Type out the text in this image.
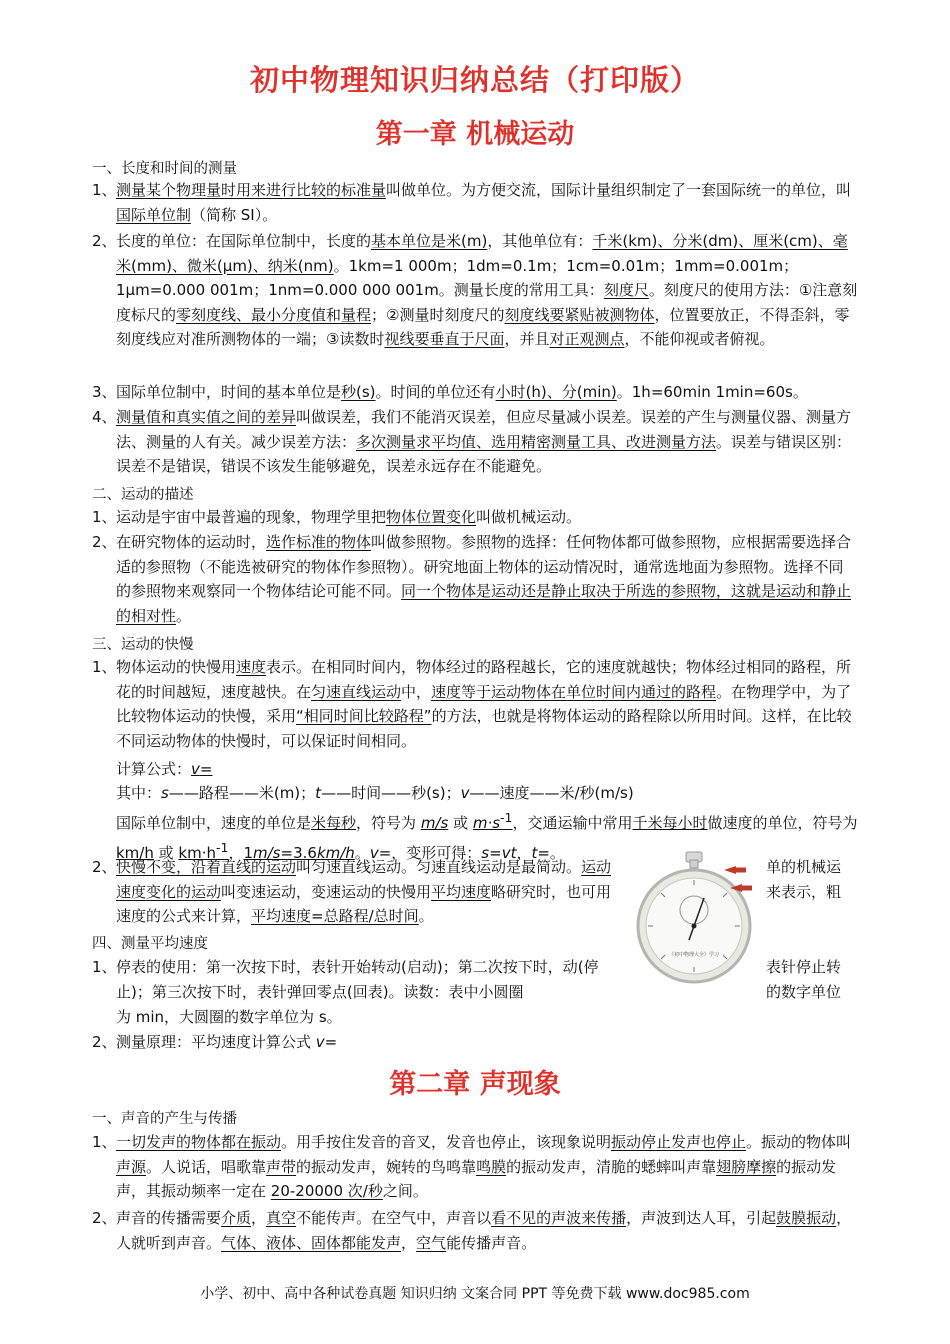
初中物理知识归纳总结（打印版）
第一章 机械运动

一、长度和时间的测量

1、 测量某个物理量时用来进行比较的标准量叫做单位。为方便交流，国际计量组织制定了一套国际统一的单位，叫国际单位制（简称 SI）。
2、 长度的单位：在国际单位制中，长度的基本单位是米(m)，其他单位有：千米(km)、分米(dm)、厘米(cm)、毫米(mm)、微米(μm)、纳米(nm)。1km=1 000m；1dm=0.1m；1cm=0.01m；1mm=0.001m；1μm=0.000 001m；1nm=0.000 000 001m。测量长度的常用工具：刻度尺。刻度尺的使用方法：①注意刻度标尺的零刻度线、最小分度值和量程；②测量时刻度尺的刻度线要紧贴被测物体，位置要放正，不得歪斜，零刻度线应对准所测物体的一端；③读数时视线要垂直于尺面，并且对正观测点，不能仰视或者俯视。
3、 国际单位制中，时间的基本单位是秒(s)。时间的单位还有小时(h)、分(min)。1h=60min 1min=60s。
4、 测量值和真实值之间的差异叫做误差，我们不能消灭误差，但应尽量减小误差。误差的产生与测量仪器、测量方法、测量的人有关。减少误差方法：多次测量求平均值、选用精密测量工具、改进测量方法。误差与错误区别：误差不是错误，错误不该发生能够避免，误差永远存在不能避免。

二、运动的描述

1、 运动是宇宙中最普遍的现象，物理学里把物体位置变化叫做机械运动。
2、 在研究物体的运动时，选作标准的物体叫做参照物。参照物的选择：任何物体都可做参照物，应根据需要选择合适的参照物（不能选被研究的物体作参照物）。研究地面上物体的运动情况时，通常选地面为参照物。选择不同的参照物来观察同一个物体结论可能不同。同一个物体是运动还是静止取决于所选的参照物，这就是运动和静止的相对性。

三、运动的快慢

1、 物体运动的快慢用速度表示。在相同时间内，物体经过的路程越长，它的速度就越快；物体经过相同的路程，所花的时间越短，速度越快。在匀速直线运动中，速度等于运动物体在单位时间内通过的路程。在物理学中，为了比较物体运动的快慢，采用“相同时间比较路程”的方法，也就是将物体运动的路程除以所用时间。这样，在比较不同运动物体的快慢时，可以保证时间相同。

计算公式：v=

其中：s——路程——米(m)；t——时间——秒(s)；v——速度——米/秒(m/s)

国际单位制中，速度的单位是米每秒，符号为 m/s 或 $m\cdot s^{-1}$，交通运输中常用千米每小时做速度的单位，符号为 km/h 或 $km\cdot h^{-1}$，1m/s=3.6km/h。v=，变形可得：s=vt，t=。

2、 快慢不变，沿着直线的运动叫匀速直线运动。匀速直线运动是最简动。运动速度变化的运动叫变速运动，变速运动的快慢用平均速度略研究时，也可用速度的公式来计算，平均速度=总路程/总时间。

单的机械运

来表示，粗

四、测量平均速度

1、 停表的使用：第一次按下时，表针开始转动(启动)；第二次按下时，动(停止)；第三次按下时，表针弹回零点(回表)。读数：表中小圆圈

表针停止转

的数字单位

为 min，大圆圈的数字单位为 s。

2、 测量原理：平均速度计算公式 v=
《初中物理大全》学习
第二章 声现象

一、声音的产生与传播

1、 一切发声的物体都在振动。用手按住发音的音叉，发音也停止，该现象说明振动停止发声也停止。振动的物体叫声源。人说话，唱歌靠声带的振动发声，婉转的鸟鸣靠鸣膜的振动发声，清脆的蟋蟀叫声靠翅膀摩擦的振动发声，其振动频率一定在 20-20000 次/秒之间。
2、 声音的传播需要介质，真空不能传声。在空气中，声音以看不见的声波来传播，声波到达人耳，引起鼓膜振动，人就听到声音。气体、液体、固体都能发声，空气能传播声音。
小学、初中、高中各种试卷真题 知识归纳 文案合同 PPT 等免费下载 www.doc985.com
